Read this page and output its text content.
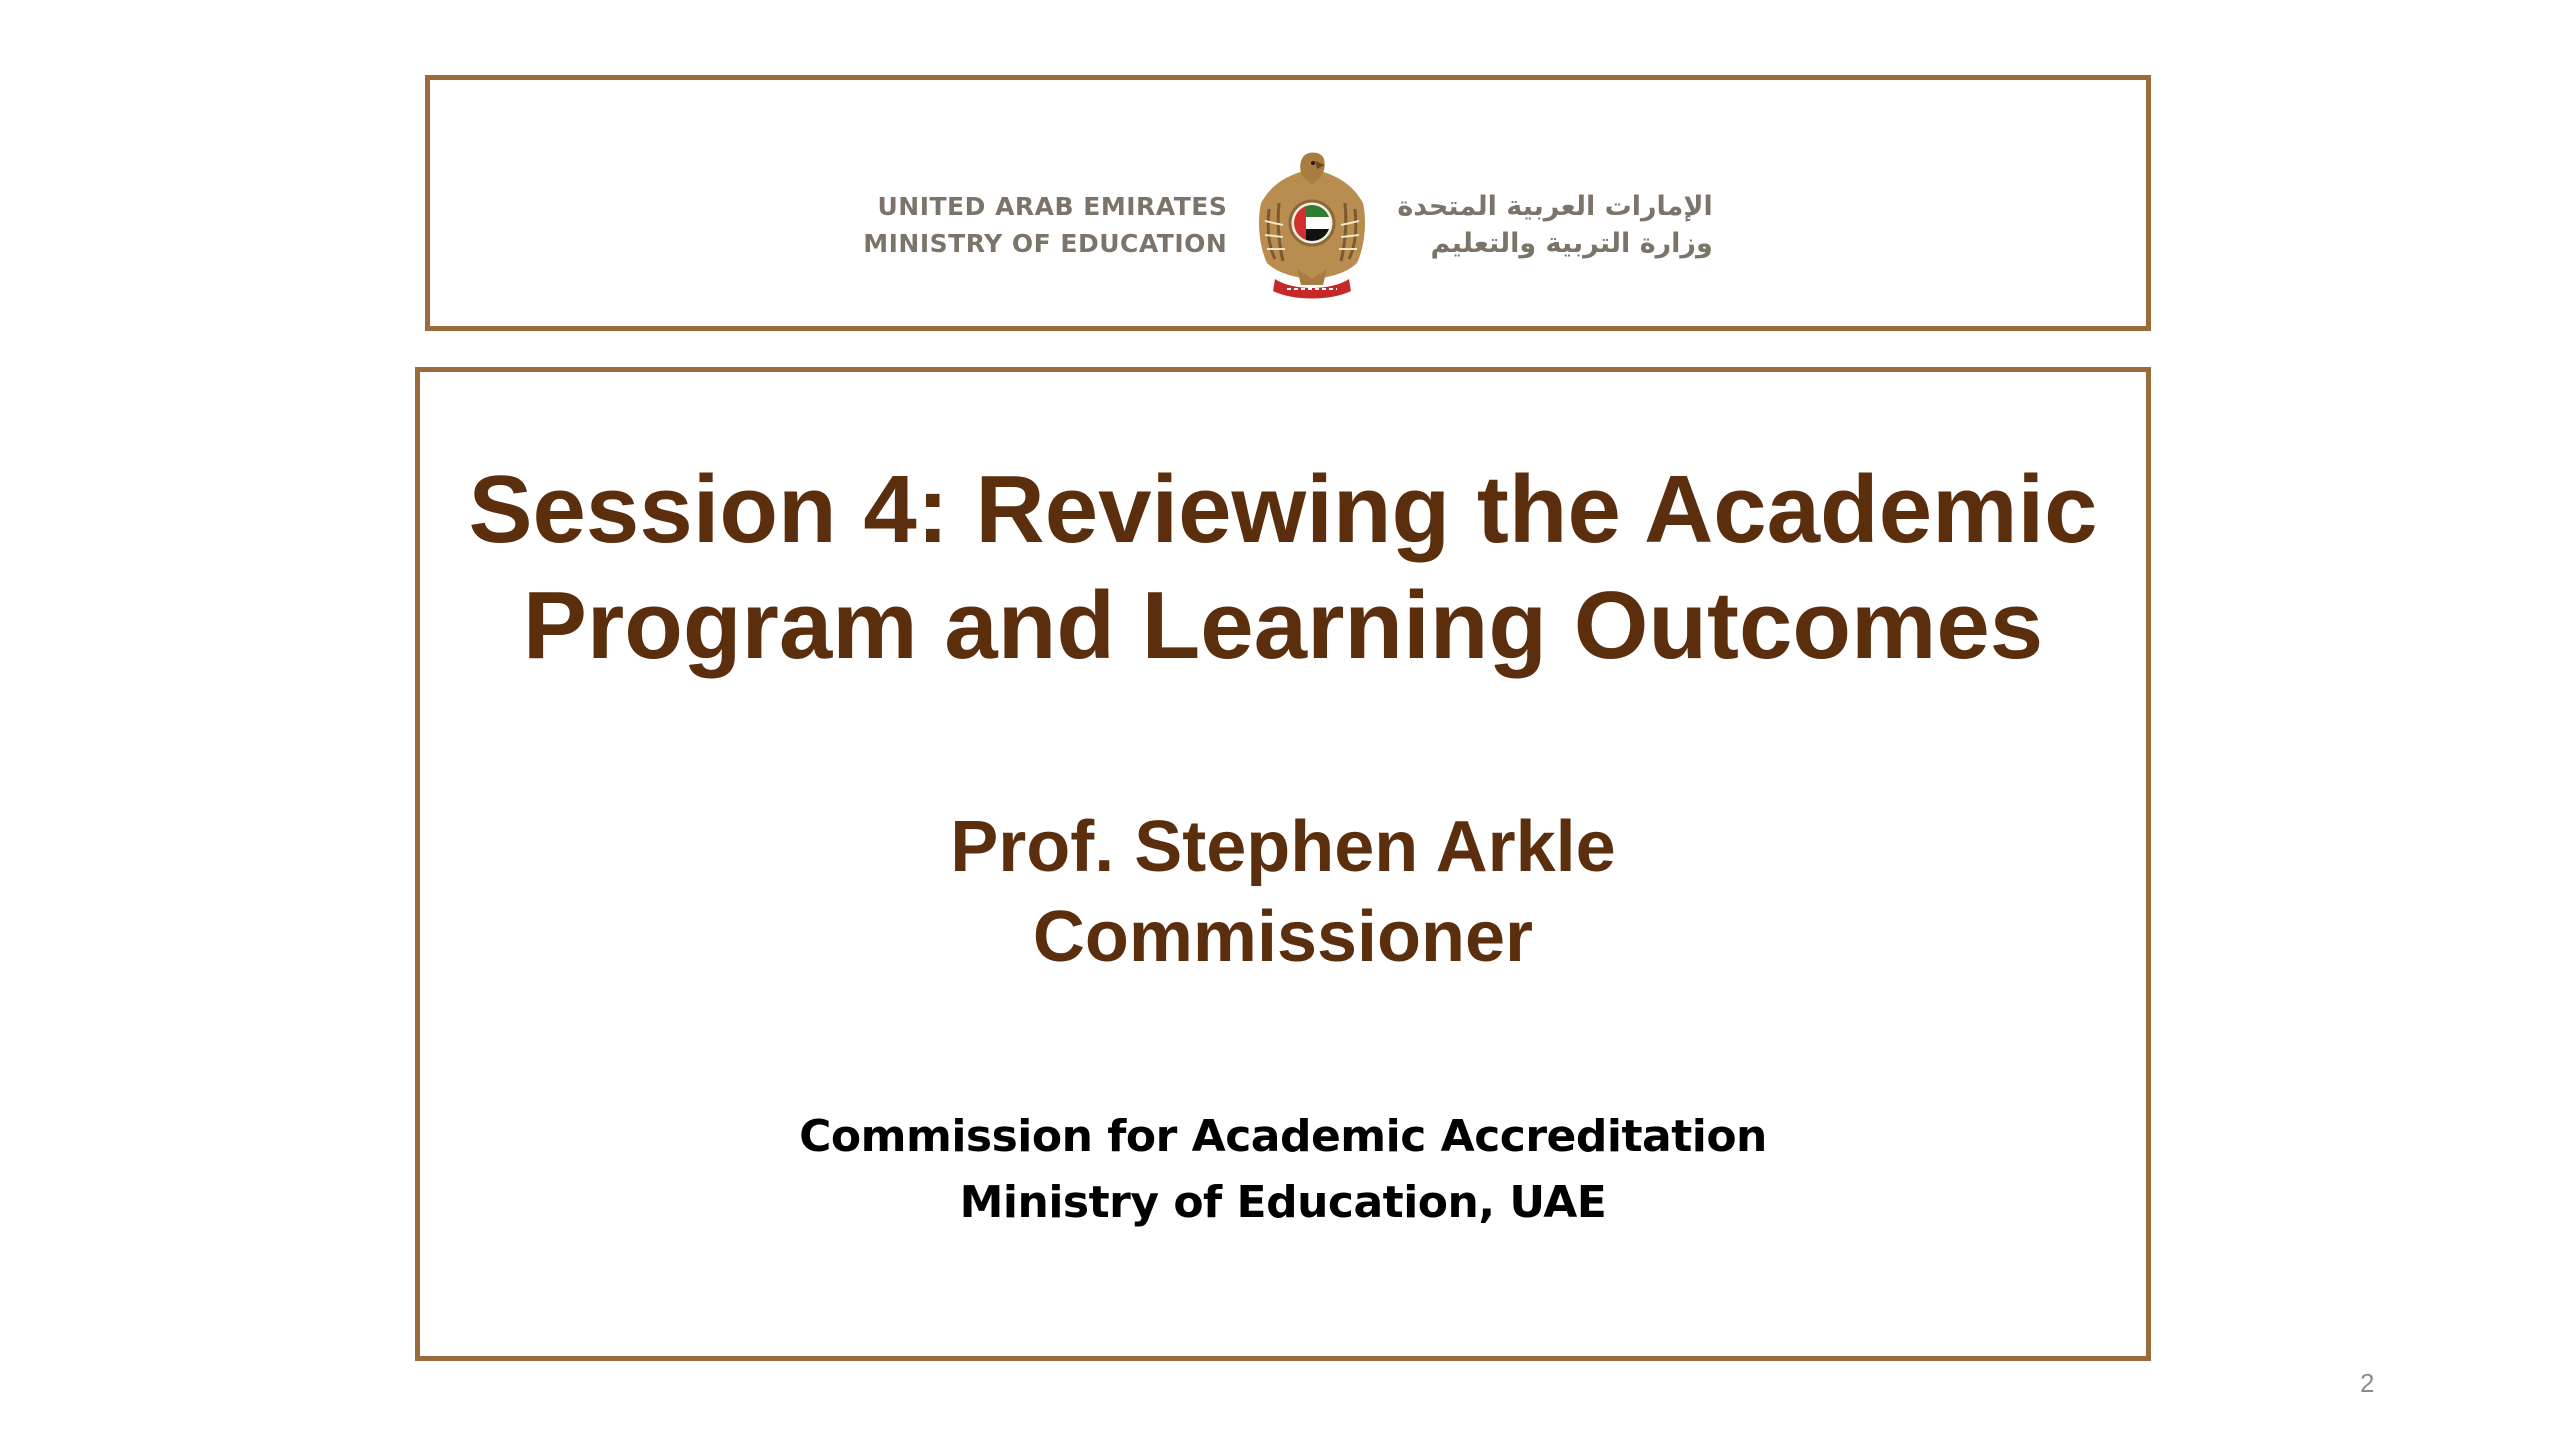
UNITED ARAB EMIRATES
MINISTRY OF EDUCATION
الإمارات العربية المتحدة
وزارة التربية والتعليم
Session 4: Reviewing the Academic
Program and Learning Outcomes
Prof. Stephen Arkle
Commissioner
Commission for Academic Accreditation
Ministry of Education, UAE
2
